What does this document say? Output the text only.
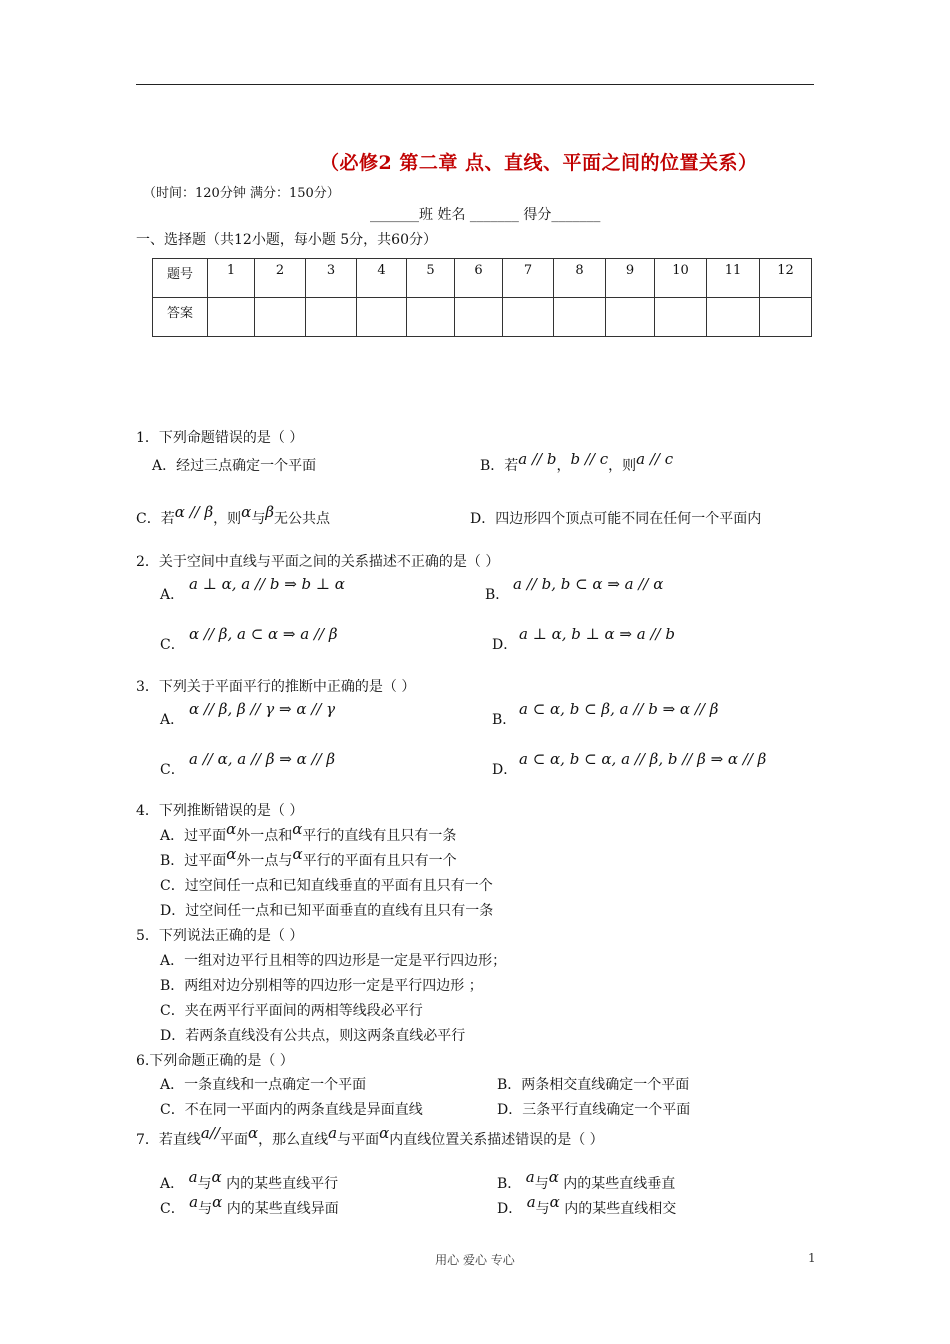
（必修2 第二章 点、直线、平面之间的位置关系）
（时间：120分钟 满分：150分）
_______班 姓名 _______ 得分_______
一、选择题（共12小题，每小题 5分，共60分）
题号	1	2	3	4	5	6	7	8	9	10	11	12
答案												
1．下列命题错误的是（ ）
A．经过三点确定一个平面	B．若a // b，b // c，则a // c
C．若α // β，则α与β无公共点	D．四边形四个顶点可能不同在任何一个平面内
2．关于空间中直线与平面之间的关系描述不正确的是（ ）
A．
a ⊥ α, a // b ⇒ b ⊥ α
B．
a // b, b ⊂ α ⇒ a // α
C．
α // β, a ⊂ α ⇒ a // β
D．
a ⊥ α, b ⊥ α ⇒ a // b
3．下列关于平面平行的推断中正确的是（ ）
A．
α // β, β // γ ⇒ α // γ
B．
a ⊂ α, b ⊂ β, a // b ⇒ α // β
C．
a // α, a // β ⇒ α // β
D．
a ⊂ α, b ⊂ α, a // β, b // β ⇒ α // β
4．下列推断错误的是（ ）
A．过平面α外一点和α平行的直线有且只有一条
B．过平面α外一点与α平行的平面有且只有一个
C．过空间任一点和已知直线垂直的平面有且只有一个
D．过空间任一点和已知平面垂直的直线有且只有一条
5．下列说法正确的是（ ）
A．一组对边平行且相等的四边形是一定是平行四边形；
B．两组对边分别相等的四边形一定是平行四边形 ；
C．夹在两平行平面间的两相等线段必平行
D．若两条直线没有公共点，则这两条直线必平行
6.下列命题正确的是（ ）
A．一条直线和一点确定一个平面	B．两条相交直线确定一个平面
C．不在同一平面内的两条直线是异面直线	D．三条平行直线确定一个平面
7．若直线a//平面α，那么直线a与平面α内直线位置关系描述错误的是（ ）
A． a与α 内的某些直线平行	B． a与α 内的某些直线垂直
C． a与α 内的某些直线异面	D． a与α 内的某些直线相交
用心 爱心 专心	1
